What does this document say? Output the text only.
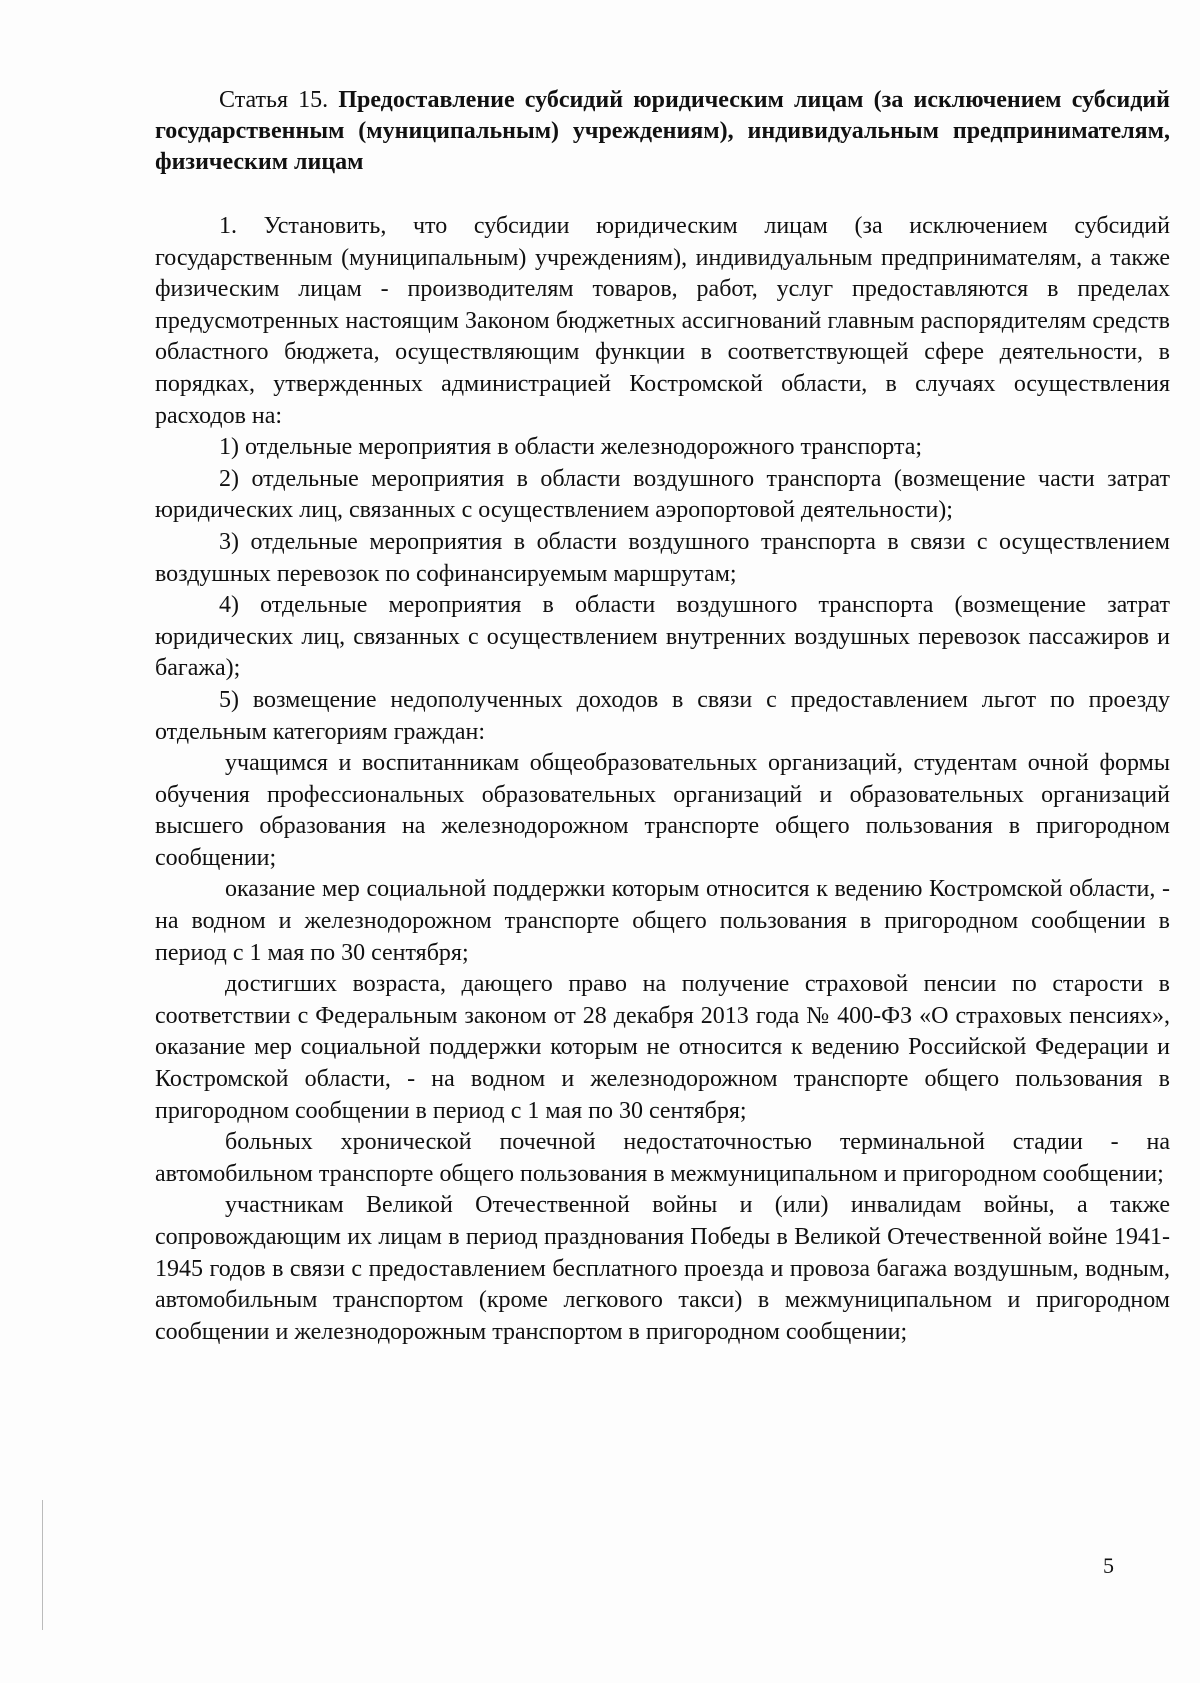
Статья 15. Предоставление субсидий юридическим лицам (за исключением субсидий государственным (муниципальным) учреждениям), индивидуальным предпринимателям, физическим лицам

1. Установить, что субсидии юридическим лицам (за исключением субсидий государственным (муниципальным) учреждениям), индивидуальным предпринимателям, а также физическим лицам - производителям товаров, работ, услуг предоставляются в пределах предусмотренных настоящим Законом бюджетных ассигнований главным распорядителям средств областного бюджета, осуществляющим функции в соответствующей сфере деятельности, в порядках, утвержденных администрацией Костромской области, в случаях осуществления расходов на:

1) отдельные мероприятия в области железнодорожного транспорта;

2) отдельные мероприятия в области воздушного транспорта (возмещение части затрат юридических лиц, связанных с осуществлением аэропортовой деятельности);

3) отдельные мероприятия в области воздушного транспорта в связи с осуществлением воздушных перевозок по софинансируемым маршрутам;

4) отдельные мероприятия в области воздушного транспорта (возмещение затрат юридических лиц, связанных с осуществлением внутренних воздушных перевозок пассажиров и багажа);

5) возмещение недополученных доходов в связи с предоставлением льгот по проезду отдельным категориям граждан:

учащимся и воспитанникам общеобразовательных организаций, студентам очной формы обучения профессиональных образовательных организаций и образовательных организаций высшего образования на железнодорожном транспорте общего пользования в пригородном сообщении;

оказание мер социальной поддержки которым относится к ведению Костромской области, - на водном и железнодорожном транспорте общего пользования в пригородном сообщении в период с 1 мая по 30 сентября;

достигших возраста, дающего право на получение страховой пенсии по старости в соответствии с Федеральным законом от 28 декабря 2013 года № 400-ФЗ «О страховых пенсиях», оказание мер социальной поддержки которым не относится к ведению Российской Федерации и Костромской области, - на водном и железнодорожном транспорте общего пользования в пригородном сообщении в период с 1 мая по 30 сентября;

больных хронической почечной недостаточностью терминальной стадии - на автомобильном транспорте общего пользования в межмуниципальном и пригородном сообщении;

участникам Великой Отечественной войны и (или) инвалидам войны, а также сопровождающим их лицам в период празднования Победы в Великой Отечественной войне 1941-1945 годов в связи с предоставлением бесплатного проезда и провоза багажа воздушным, водным, автомобильным транспортом (кроме легкового такси) в межмуниципальном и пригородном сообщении и железнодорожным транспортом в пригородном сообщении;

5
